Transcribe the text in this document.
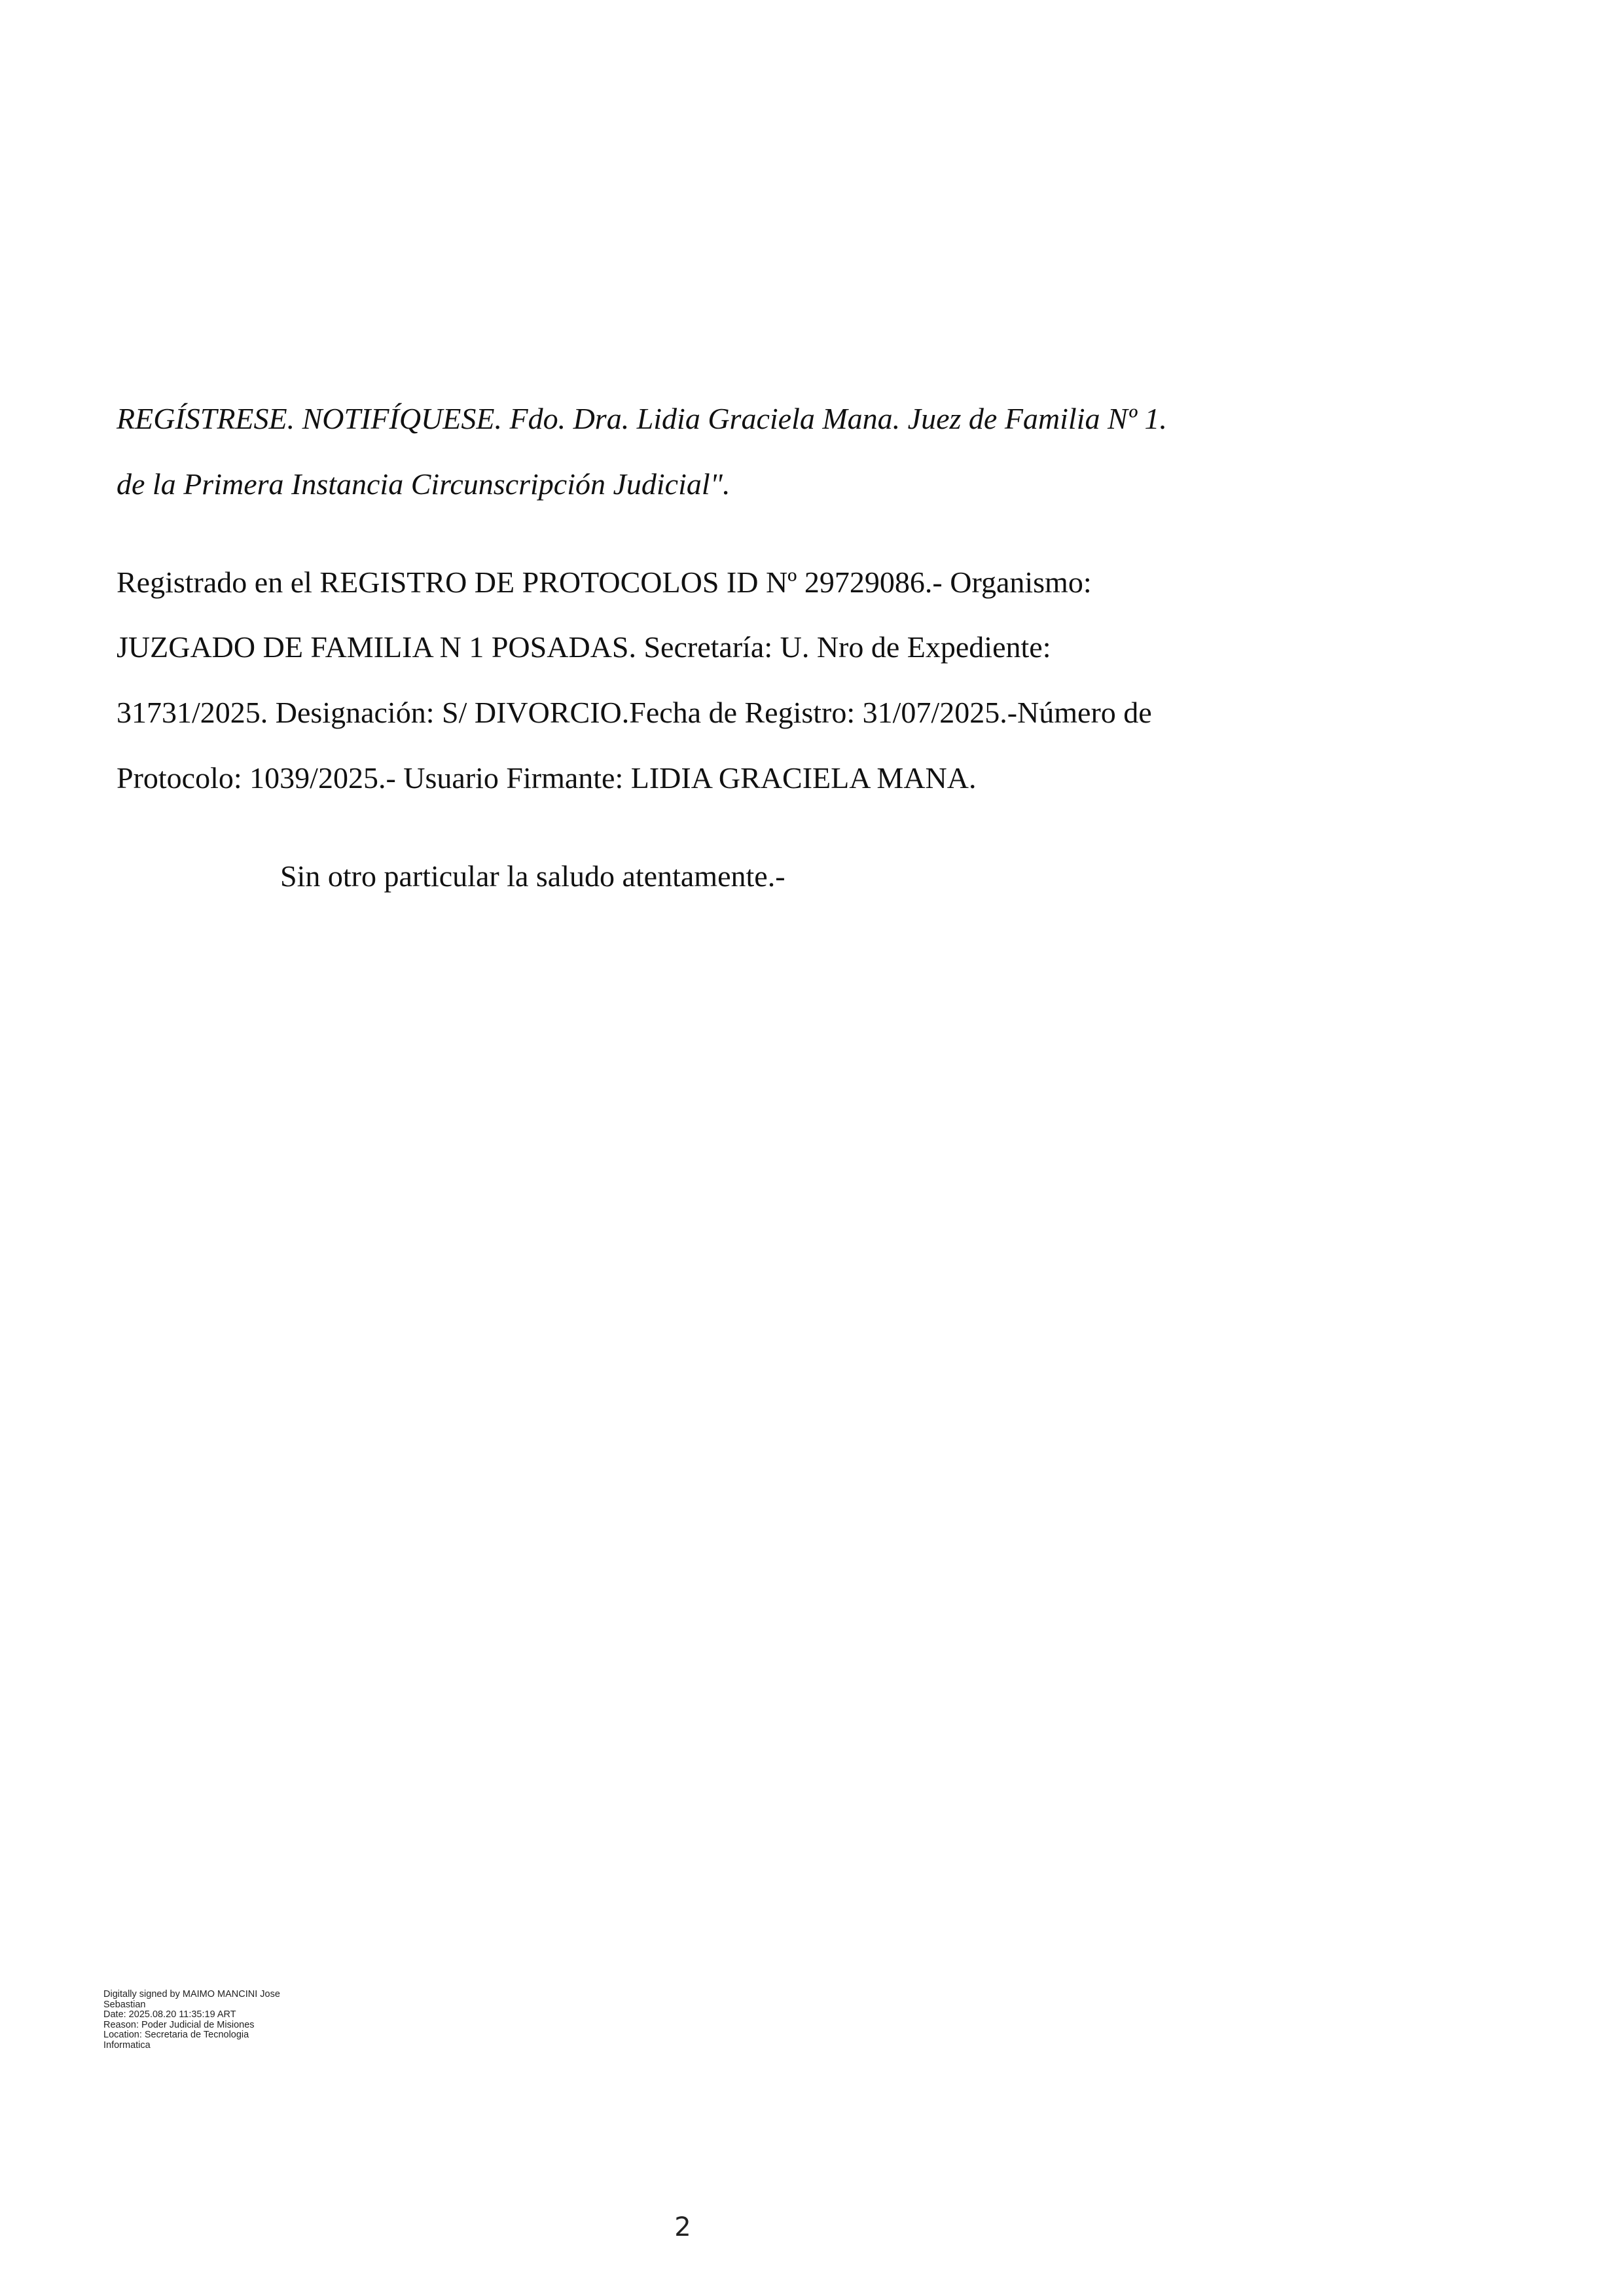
REGÍSTRESE. NOTIFÍQUESE. Fdo. Dra. Lidia Graciela Mana. Juez de Familia Nº 1.

de la Primera Instancia Circunscripción Judicial".

Registrado en el REGISTRO DE PROTOCOLOS ID Nº 29729086.- Organismo:

JUZGADO DE FAMILIA N 1 POSADAS. Secretaría: U. Nro de Expediente:

31731/2025. Designación: S/ DIVORCIO.Fecha de Registro: 31/07/2025.-Número de

Protocolo: 1039/2025.- Usuario Firmante: LIDIA GRACIELA MANA.

Sin otro particular la saludo atentamente.-

Digitally signed by MAIMO MANCINI Jose
Sebastian
Date: 2025.08.20 11:35:19 ART
Reason: Poder Judicial de Misiones
Location: Secretaria de Tecnologia
Informatica
2
